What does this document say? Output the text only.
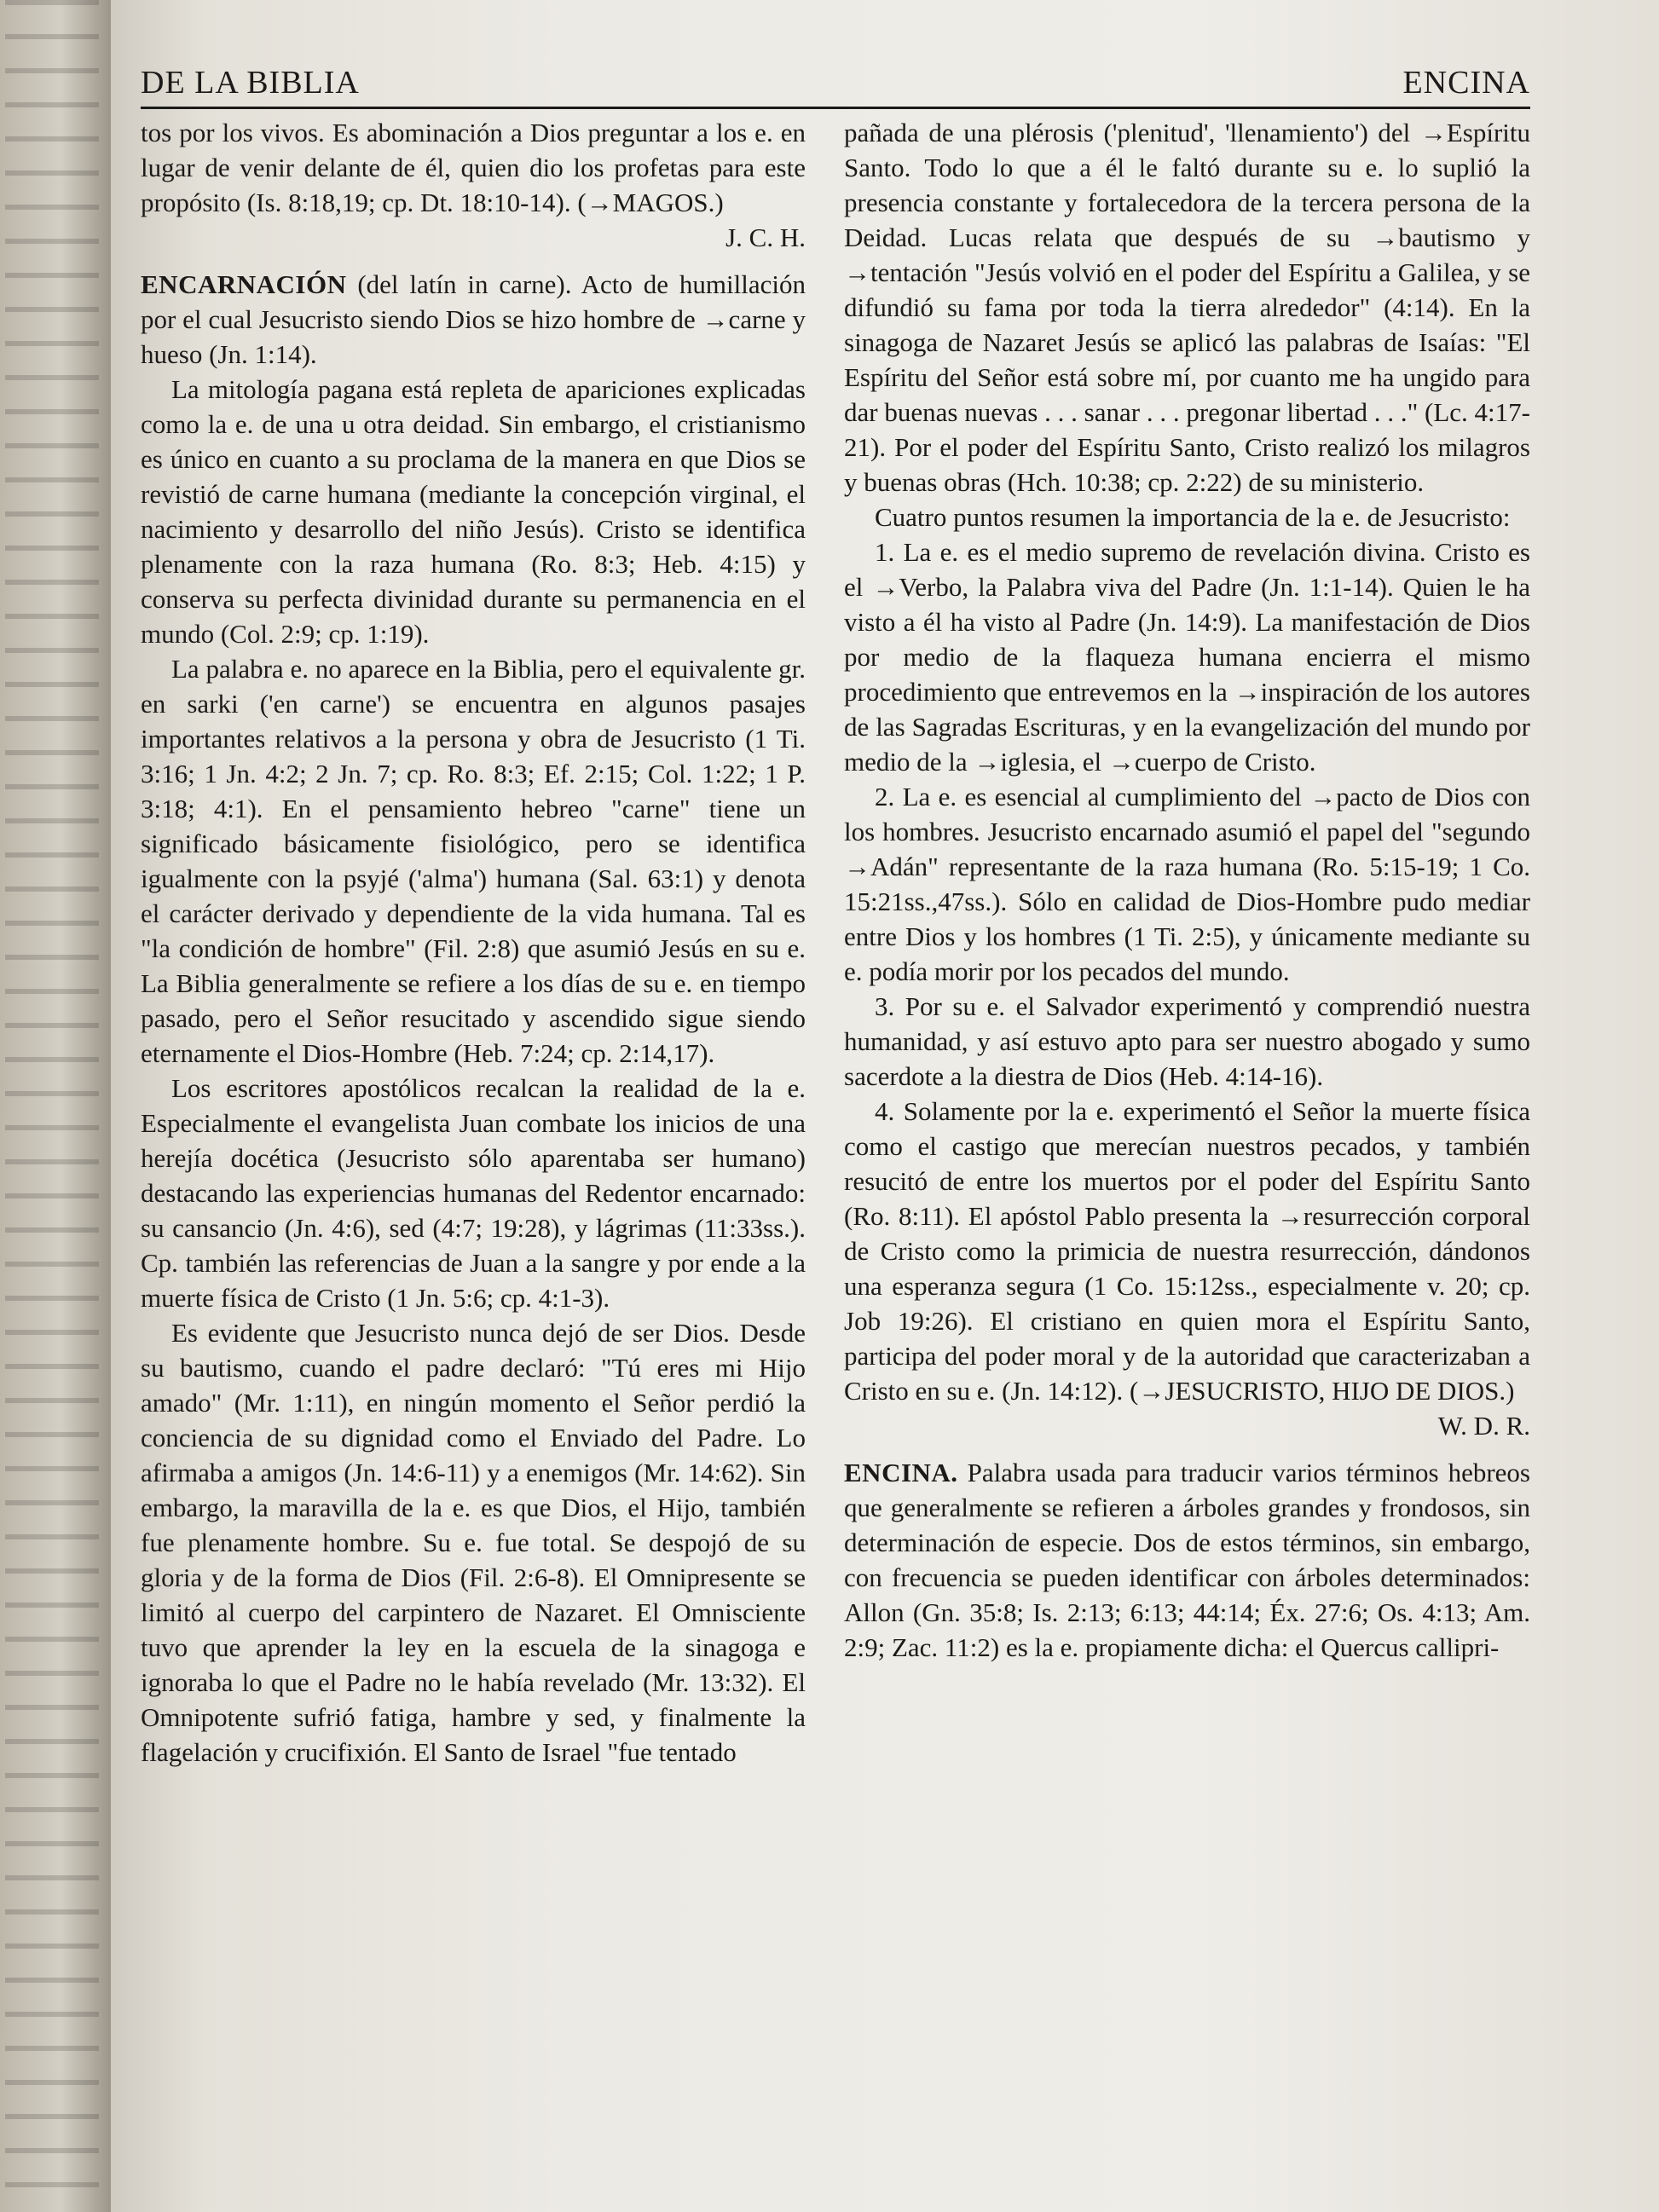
DE LA BIBLIA	ENCINA

tos por los vivos. Es abominación a Dios preguntar a los e. en lugar de venir delante de él, quien dio los profetas para este propósito (Is. 8:18,19; cp. Dt. 18:10-14). (→MAGOS.)

J. C. H.

ENCARNACIÓN (del latín in carne). Acto de humillación por el cual Jesucristo siendo Dios se hizo hombre de →carne y hueso (Jn. 1:14).

La mitología pagana está repleta de apariciones explicadas como la e. de una u otra deidad. Sin embargo, el cristianismo es único en cuanto a su proclama de la manera en que Dios se revistió de carne humana (mediante la concepción virginal, el nacimiento y desarrollo del niño Jesús). Cristo se identifica plenamente con la raza humana (Ro. 8:3; Heb. 4:15) y conserva su perfecta divinidad durante su permanencia en el mundo (Col. 2:9; cp. 1:19).

La palabra e. no aparece en la Biblia, pero el equivalente gr. en sarki ('en carne') se encuentra en algunos pasajes importantes relativos a la persona y obra de Jesucristo (1 Ti. 3:16; 1 Jn. 4:2; 2 Jn. 7; cp. Ro. 8:3; Ef. 2:15; Col. 1:22; 1 P. 3:18; 4:1). En el pensamiento hebreo "carne" tiene un significado básicamente fisiológico, pero se identifica igualmente con la psyjé ('alma') humana (Sal. 63:1) y denota el carácter derivado y dependiente de la vida humana. Tal es "la condición de hombre" (Fil. 2:8) que asumió Jesús en su e. La Biblia generalmente se refiere a los días de su e. en tiempo pasado, pero el Señor resucitado y ascendido sigue siendo eternamente el Dios-Hombre (Heb. 7:24; cp. 2:14,17).

Los escritores apostólicos recalcan la realidad de la e. Especialmente el evangelista Juan combate los inicios de una herejía docética (Jesucristo sólo aparentaba ser humano) destacando las experiencias humanas del Redentor encarnado: su cansancio (Jn. 4:6), sed (4:7; 19:28), y lágrimas (11:33ss.). Cp. también las referencias de Juan a la sangre y por ende a la muerte física de Cristo (1 Jn. 5:6; cp. 4:1-3).

Es evidente que Jesucristo nunca dejó de ser Dios. Desde su bautismo, cuando el padre declaró: "Tú eres mi Hijo amado" (Mr. 1:11), en ningún momento el Señor perdió la conciencia de su dignidad como el Enviado del Padre. Lo afirmaba a amigos (Jn. 14:6-11) y a enemigos (Mr. 14:62). Sin embargo, la maravilla de la e. es que Dios, el Hijo, también fue plenamente hombre. Su e. fue total. Se despojó de su gloria y de la forma de Dios (Fil. 2:6-8). El Omnipresente se limitó al cuerpo del carpintero de Nazaret. El Omnisciente tuvo que aprender la ley en la escuela de la sinagoga e ignoraba lo que el Padre no le había revelado (Mr. 13:32). El Omnipotente sufrió fatiga, hambre y sed, y finalmente la flagelación y crucifixión. El Santo de Israel "fue tentado

pañada de una plérosis ('plenitud', 'llenamiento') del →Espíritu Santo. Todo lo que a él le faltó durante su e. lo suplió la presencia constante y fortalecedora de la tercera persona de la Deidad. Lucas relata que después de su →bautismo y →tentación "Jesús volvió en el poder del Espíritu a Galilea, y se difundió su fama por toda la tierra alrededor" (4:14). En la sinagoga de Nazaret Jesús se aplicó las palabras de Isaías: "El Espíritu del Señor está sobre mí, por cuanto me ha ungido para dar buenas nuevas . . . sanar . . . pregonar libertad . . ." (Lc. 4:17-21). Por el poder del Espíritu Santo, Cristo realizó los milagros y buenas obras (Hch. 10:38; cp. 2:22) de su ministerio.

Cuatro puntos resumen la importancia de la e. de Jesucristo:

1. La e. es el medio supremo de revelación divina. Cristo es el →Verbo, la Palabra viva del Padre (Jn. 1:1-14). Quien le ha visto a él ha visto al Padre (Jn. 14:9). La manifestación de Dios por medio de la flaqueza humana encierra el mismo procedimiento que entrevemos en la →inspiración de los autores de las Sagradas Escrituras, y en la evangelización del mundo por medio de la →iglesia, el →cuerpo de Cristo.

2. La e. es esencial al cumplimiento del →pacto de Dios con los hombres. Jesucristo encarnado asumió el papel del "segundo →Adán" representante de la raza humana (Ro. 5:15-19; 1 Co. 15:21ss.,47ss.). Sólo en calidad de Dios-Hombre pudo mediar entre Dios y los hombres (1 Ti. 2:5), y únicamente mediante su e. podía morir por los pecados del mundo.

3. Por su e. el Salvador experimentó y comprendió nuestra humanidad, y así estuvo apto para ser nuestro abogado y sumo sacerdote a la diestra de Dios (Heb. 4:14-16).

4. Solamente por la e. experimentó el Señor la muerte física como el castigo que merecían nuestros pecados, y también resucitó de entre los muertos por el poder del Espíritu Santo (Ro. 8:11). El apóstol Pablo presenta la →resurrección corporal de Cristo como la primicia de nuestra resurrección, dándonos una esperanza segura (1 Co. 15:12ss., especialmente v. 20; cp. Job 19:26). El cristiano en quien mora el Espíritu Santo, participa del poder moral y de la autoridad que caracterizaban a Cristo en su e. (Jn. 14:12). (→JESUCRISTO, HIJO DE DIOS.)

W. D. R.

ENCINA. Palabra usada para traducir varios términos hebreos que generalmente se refieren a árboles grandes y frondosos, sin determinación de especie. Dos de estos términos, sin embargo, con frecuencia se pueden identificar con árboles determinados: Allon (Gn. 35:8; Is. 2:13; 6:13; 44:14; Éx. 27:6; Os. 4:13; Am. 2:9; Zac. 11:2) es la e. propiamente dicha: el Quercus callipri-
